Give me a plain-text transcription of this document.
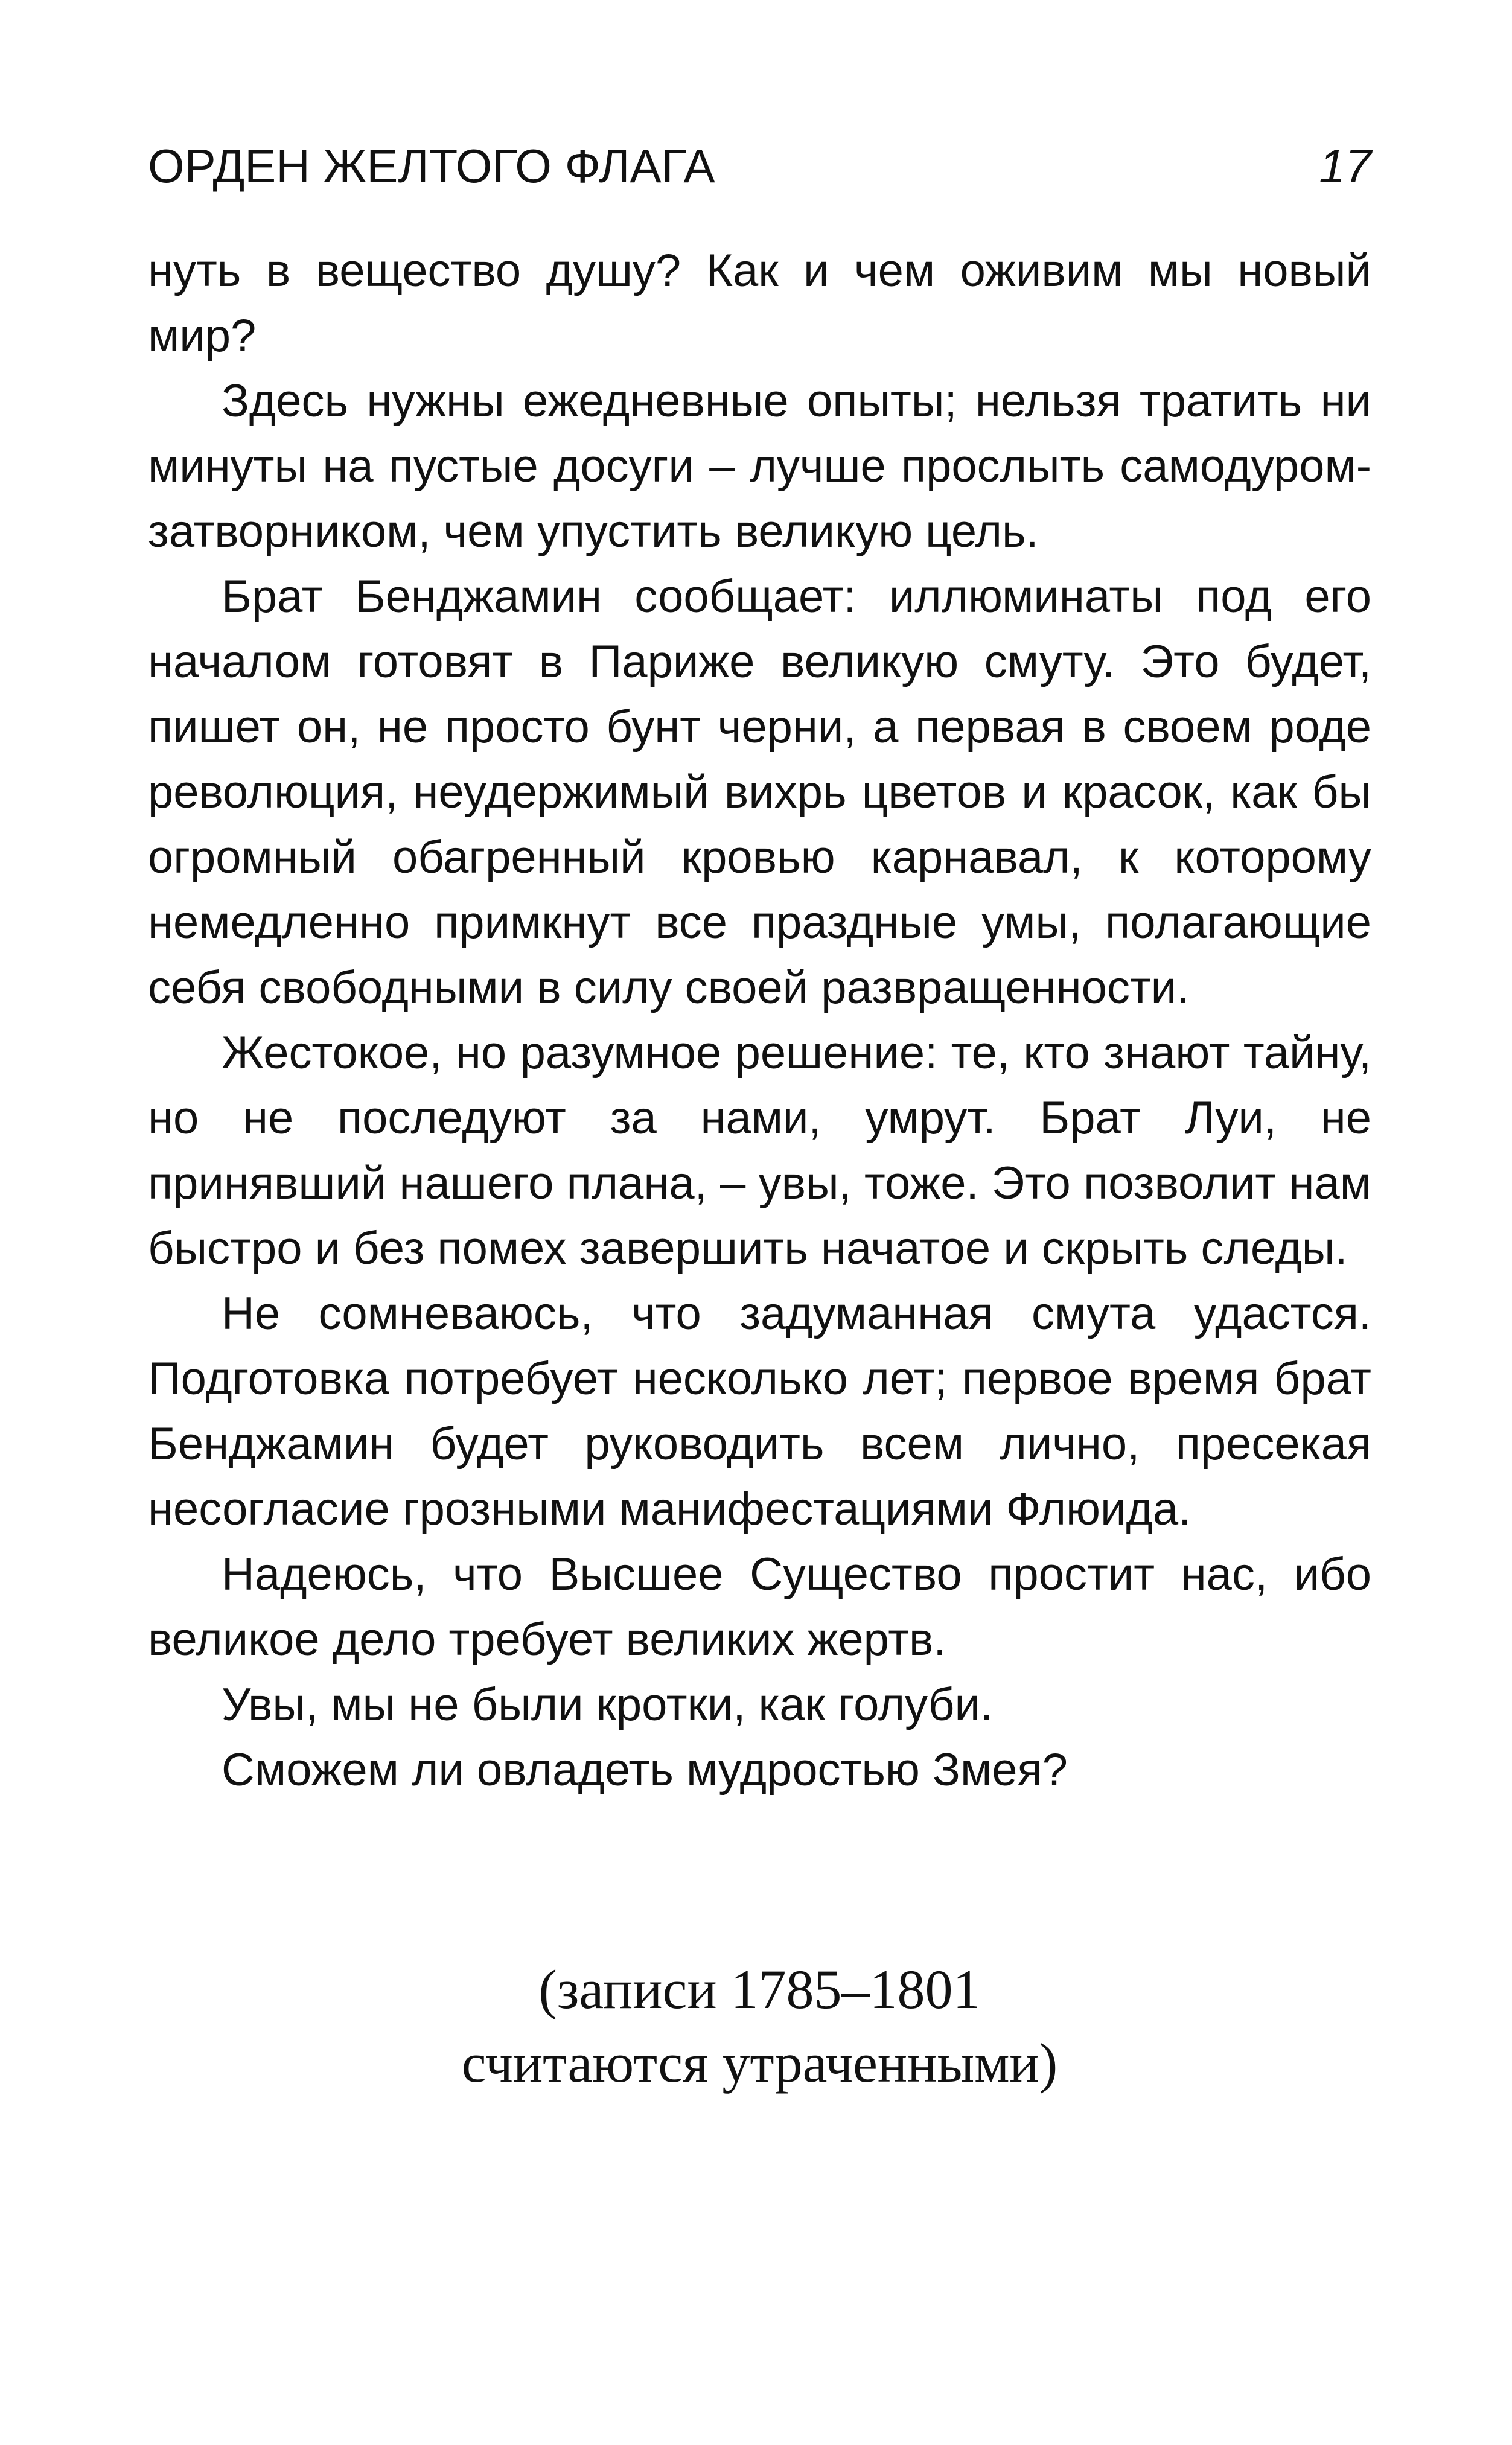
ОРДЕН ЖЕЛТОГО ФЛАГА	17

нуть в вещество душу? Как и чем оживим мы новый мир?

Здесь нужны ежедневные опыты; нельзя тратить ни минуты на пустые досуги – лучше прослыть самодуром-затворником, чем упустить великую цель.

Брат Бенджамин сообщает: иллюминаты под его началом готовят в Париже великую смуту. Это будет, пишет он, не просто бунт черни, а первая в своем роде революция, неудержимый вихрь цветов и красок, как бы огромный обагренный кровью карнавал, к которому немедленно примкнут все праздные умы, полагающие себя свободными в силу своей развращенности.

Жестокое, но разумное решение: те, кто знают тайну, но не последуют за нами, умрут. Брат Луи, не принявший нашего плана, – увы, тоже. Это позволит нам быстро и без помех завершить начатое и скрыть следы.

Не сомневаюсь, что задуманная смута удастся. Подготовка потребует несколько лет; первое время брат Бенджамин будет руководить всем лично, пресекая несогласие грозными манифестациями Флюида.

Надеюсь, что Высшее Существо простит нас, ибо великое дело требует великих жертв.

Увы, мы не были кротки, как голуби.

Сможем ли овладеть мудростью Змея?

(записи 1785–1801
считаются утраченными)
